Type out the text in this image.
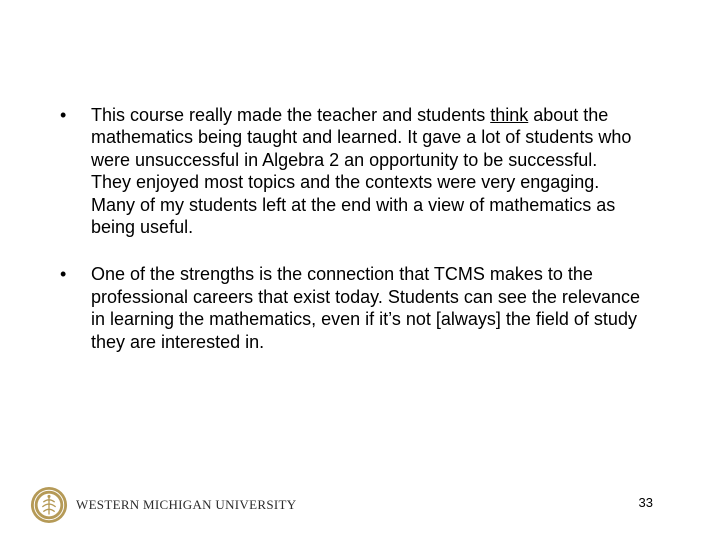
•	This course really made the teacher and students think about the mathematics being taught and learned. It gave a lot of students who were unsuccessful in Algebra 2 an opportunity to be successful. They enjoyed most topics and the contexts were very engaging. Many of my students left at the end with a view of mathematics as being useful.
•	One of the strengths is the connection that TCMS makes to the professional careers that exist today. Students can see the relevance in learning the mathematics, even if it’s not [always] the field of study they are interested in.
WESTERN MICHIGAN UNIVERSITY	33
